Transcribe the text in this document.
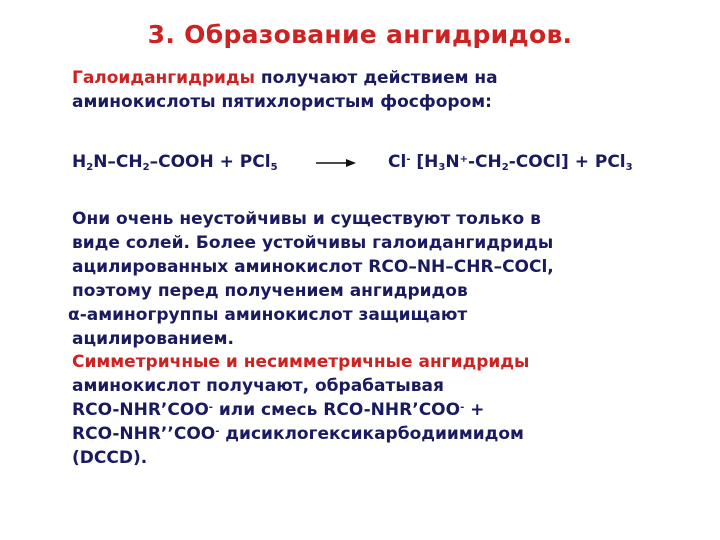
3. Образование ангидридов.
Галоидангидриды получают действием на
аминокислоты пятихлористым фосфором:
$H_2N-CH_2$–COOH + PCl$_5$	Cl- $[H_3N^+-CH_2-COCl] + PCl_3$
Они очень неустойчивы и существуют только в
виде солей. Более устойчивы галоидангидриды
ацилированных аминокислот RCO–NH–CHR–COCl,
поэтому перед получением ангидридов
α-аминогруппы аминокислот защищают
ацилированием.
Симметричные и несимметричные ангидриды
аминокислот получают, обрабатывая
RCO-NHR’COO- или смесь RCO-NHR’COO- +
RCO-NHR’’COO- дисиклогексикарбодиимидом
(DCCD).
